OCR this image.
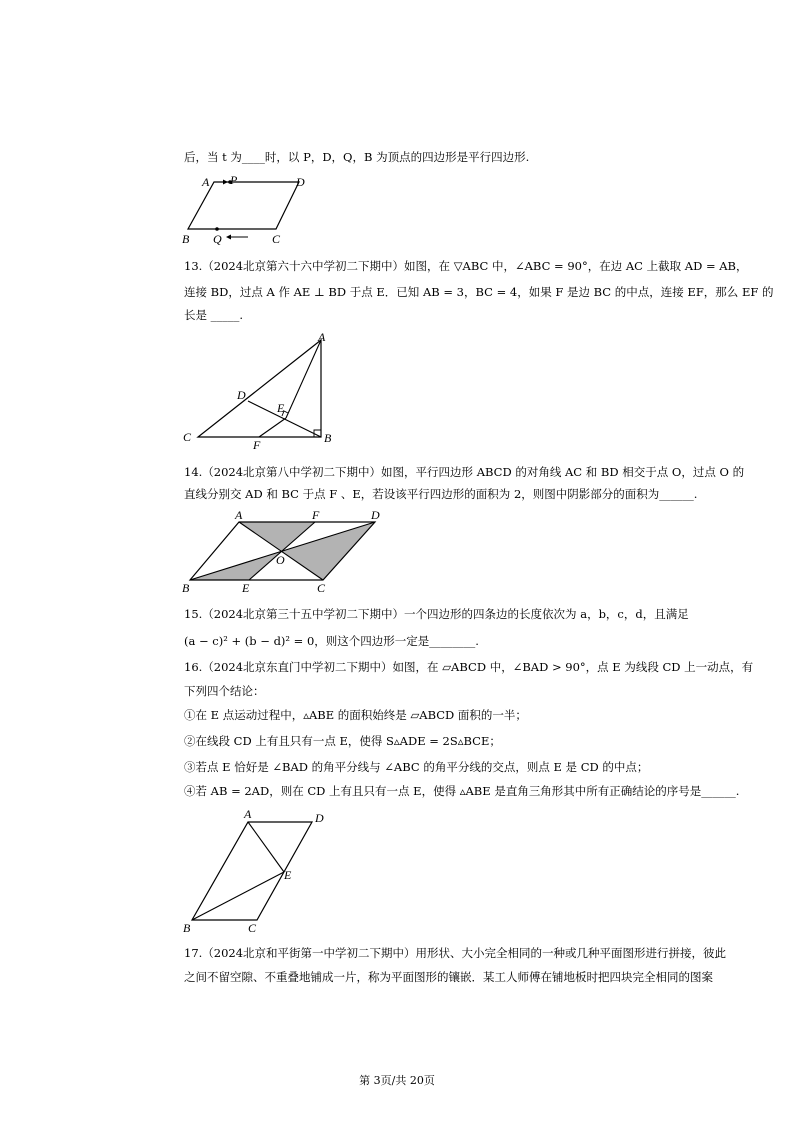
后，当 t 为____时，以 P，D，Q，B 为顶点的四边形是平行四边形.
A P	D
B Q	C
13.（2024北京第六十六中学初二下期中）如图，在 ▽ABC 中，∠ABC = 90°，在边 AC 上截取 AD = AB，
连接 BD，过点 A 作 AE ⊥ BD 于点 E．已知 AB = 3，BC = 4，如果 F 是边 BC 的中点，连接 EF，那么 EF 的
长是 _____.
A
D
E
C
F	B
14.（2024北京第八中学初二下期中）如图，平行四边形 ABCD 的对角线 AC 和 BD 相交于点 O，过点 O 的
直线分别交 AD 和 BC 于点 F 、E，若设该平行四边形的面积为 2，则图中阴影部分的面积为______.
A	F	D
O
B	E	C
15.（2024北京第三十五中学初二下期中）一个四边形的四条边的长度依次为 a，b，c，d，且满足
(a − c)² + (b − d)² = 0，则这个四边形一定是________.
16.（2024北京东直门中学初二下期中）如图，在 ▱ABCD 中，∠BAD > 90°，点 E 为线段 CD 上一动点，有
下列四个结论：
①在 E 点运动过程中，▵ABE 的面积始终是 ▱ABCD 面积的一半；
②在线段 CD 上有且只有一点 E，使得 S▵ADE = 2S▵BCE；
③若点 E 恰好是 ∠BAD 的角平分线与 ∠ABC 的角平分线的交点，则点 E 是 CD 的中点；
④若 AB = 2AD，则在 CD 上有且只有一点 E，使得 ▵ABE 是直角三角形其中所有正确结论的序号是______.
A	D
E
B	C
17.（2024北京和平街第一中学初二下期中）用形状、大小完全相同的一种或几种平面图形进行拼接，彼此
之间不留空隙、不重叠地铺成一片，称为平面图形的镶嵌．某工人师傅在铺地板时把四块完全相同的图案
第 3页/共 20页
